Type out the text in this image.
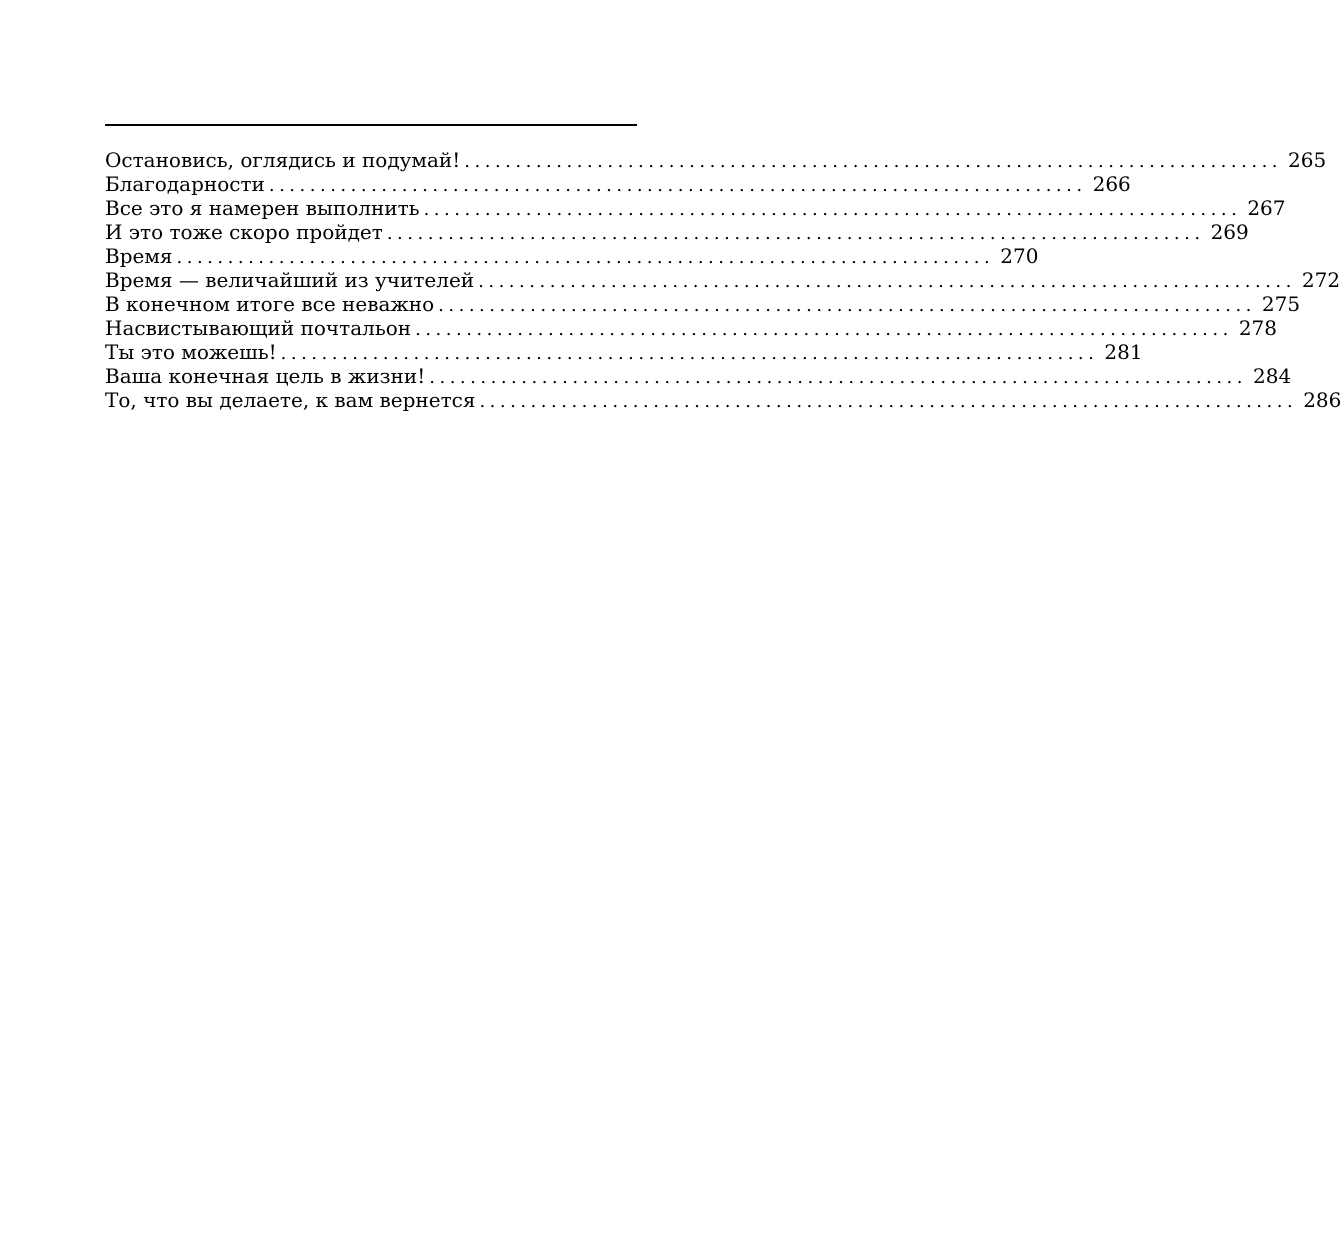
Остановись, оглядись и подумай! ................................................................................ 265
Благодарности ................................................................................ 266
Все это я намерен выполнить ................................................................................ 267
И это тоже скоро пройдет ................................................................................ 269
Время ................................................................................ 270
Время — величайший из учителей ................................................................................ 272
В конечном итоге все неважно ................................................................................ 275
Насвистывающий почтальон ................................................................................ 278
Ты это можешь! ................................................................................ 281
Ваша конечная цель в жизни! ................................................................................ 284
То, что вы делаете, к вам вернется ................................................................................ 286
